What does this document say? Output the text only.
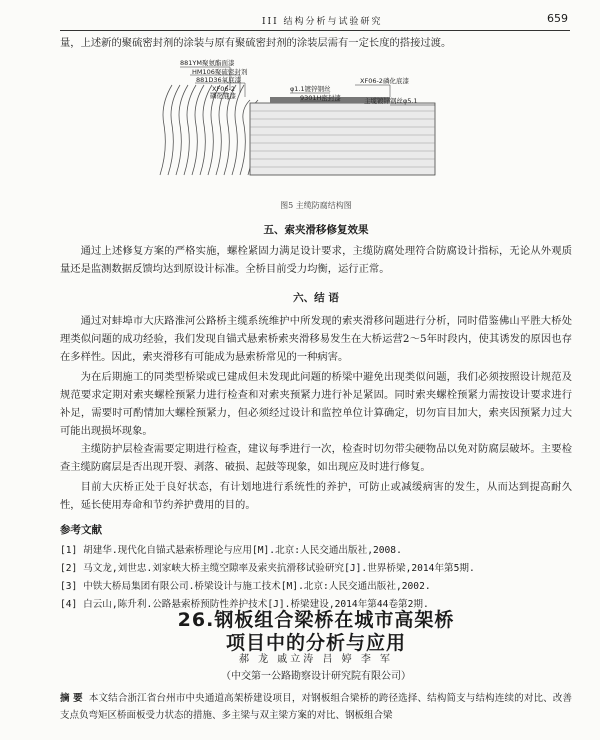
III 结构分析与试验研究	659
量，上述新的聚硫密封剂的涂装与原有聚硫密封剂的涂装层需有一定长度的搭接过渡。
881YM聚氨酯面漆
HM106聚硫密封剂
881D36氧底漆	XF06-2磷化底漆
φ1.1镀锌钢丝
XF06-2
磷化底漆	9301H密封漆	主缆镀锌钢丝φ5.1
图5 主缆防腐结构图
五、索夹滑移修复效果
通过上述修复方案的严格实施，螺栓紧固力满足设计要求，主缆防腐处理符合防腐设计指标，无论从外观质量还是监测数据反馈均达到原设计标准。全桥目前受力均衡，运行正常。
六、结 语
通过对蚌埠市大庆路淮河公路桥主缆系统维护中所发现的索夹滑移问题进行分析，同时借鉴佛山平胜大桥处理类似问题的成功经验，我们发现自锚式悬索桥索夹滑移易发生在大桥运营2～5年时段内，使其诱发的原因也存在多样性。因此，索夹滑移有可能成为悬索桥常见的一种病害。
为在后期施工的同类型桥梁或已建成但未发现此问题的桥梁中避免出现类似问题，我们必须按照设计规范及规范要求定期对索夹螺栓预紧力进行检查和对索夹预紧力进行补足紧固。同时索夹螺栓预紧力需按设计要求进行补足，需要时可酌情加大螺栓预紧力，但必须经过设计和监控单位计算确定，切勿盲目加大，索夹因预紧力过大可能出现损坏现象。
主缆防护层检查需要定期进行检查，建议每季进行一次，检查时切勿带尖硬物品以免对防腐层破坏。主要检查主缆防腐层是否出现开裂、剥落、破损、起鼓等现象，如出现应及时进行修复。
目前大庆桥正处于良好状态，有计划地进行系统性的养护，可防止或减缓病害的发生，从而达到提高耐久性，延长使用寿命和节约养护费用的目的。
参考文献
[1] 胡建华.现代化自锚式悬索桥理论与应用[M].北京:人民交通出版社,2008.
[2] 马文龙,刘世忠.刘家峡大桥主缆空隙率及索夹抗滑移试验研究[J].世界桥梁,2014年第5期.
[3] 中铁大桥局集团有限公司.桥梁设计与施工技术[M].北京:人民交通出版社,2002.
[4] 白云山,陈升利.公路悬索桥预防性养护技术[J].桥梁建设,2014年第44卷第2期.
26.钢板组合梁桥在城市高架桥
项目中的分析与应用
郝 龙 戚立涛 吕 婷 李 军
（中交第一公路勘察设计研究院有限公司）
摘 要 本文结合浙江省台州市中央通道高架桥建设项目，对钢板组合梁桥的跨径选择、结构简支与结构连续的对比、改善支点负弯矩区桥面板受力状态的措施、多主梁与双主梁方案的对比、钢板组合梁
